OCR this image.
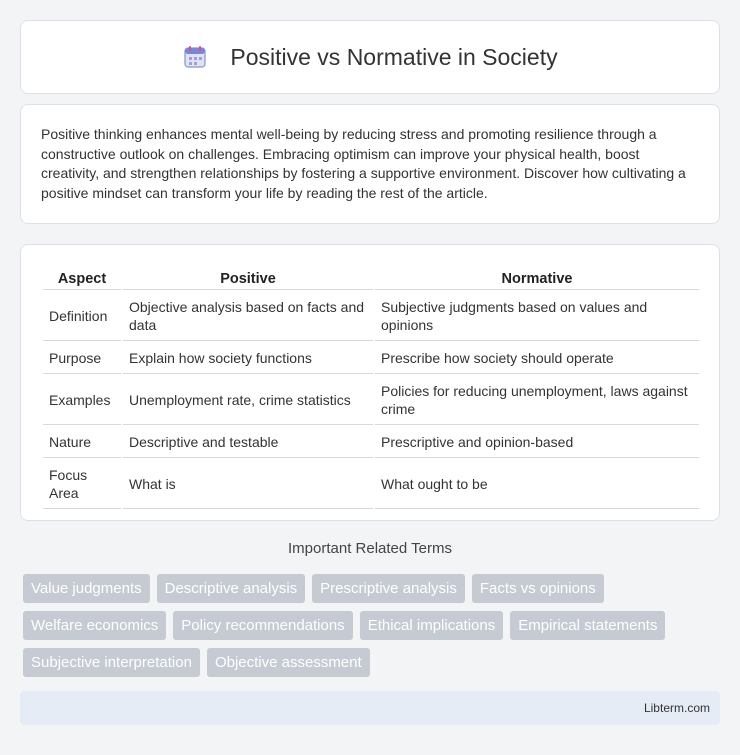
Positive vs Normative in Society

Positive thinking enhances mental well-being by reducing stress and promoting resilience through a constructive outlook on challenges. Embracing optimism can improve your physical health, boost creativity, and strengthen relationships by fostering a supportive environment. Discover how cultivating a positive mindset can transform your life by reading the rest of the article.

Aspect	Positive	Normative
Definition	Objective analysis based on facts and data	Subjective judgments based on values and opinions
Purpose	Explain how society functions	Prescribe how society should operate
Examples	Unemployment rate, crime statistics	Policies for reducing unemployment, laws against crime
Nature	Descriptive and testable	Prescriptive and opinion-based
Focus Area	What is	What ought to be
Important Related Terms
Value judgments	Descriptive analysis	Prescriptive analysis	Facts vs opinions
Welfare economics	Policy recommendations	Ethical implications	Empirical statements
Subjective interpretation	Objective assessment
Libterm.com
